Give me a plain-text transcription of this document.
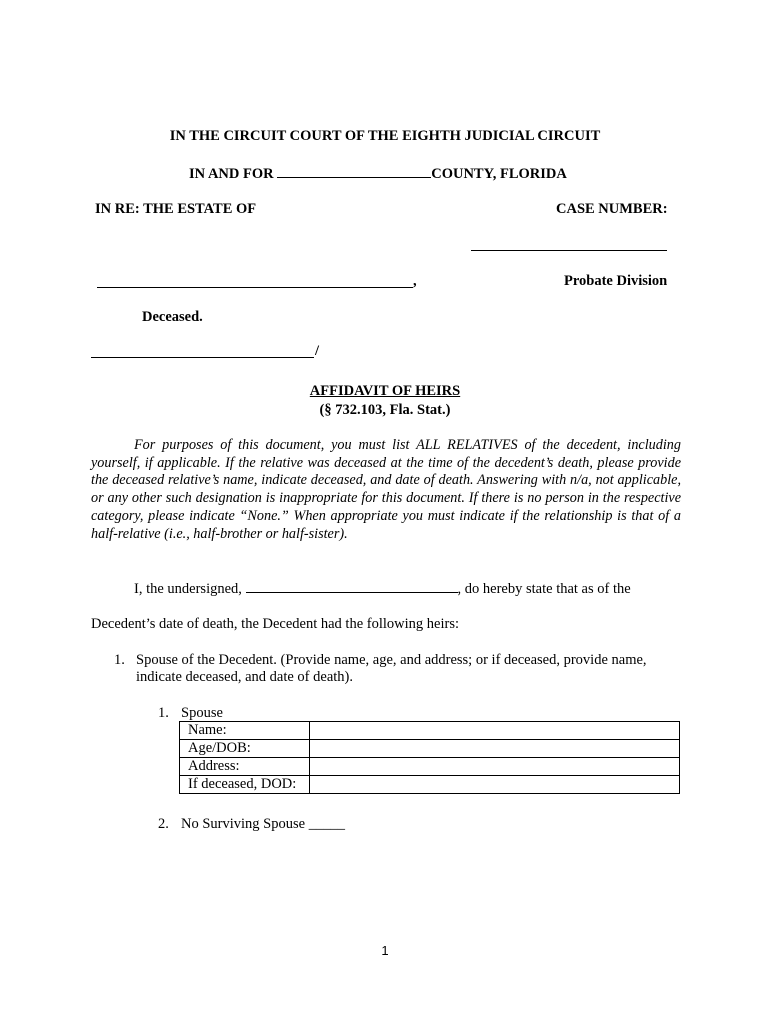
IN THE CIRCUIT COURT OF THE EIGHTH JUDICIAL CIRCUIT
IN AND FOR	COUNTY, FLORIDA
IN RE: THE ESTATE OF	CASE NUMBER:
,	Probate Division
Deceased.
/
AFFIDAVIT OF HEIRS
(§ 732.103, Fla. Stat.)
For purposes of this document, you must list ALL RELATIVES of the decedent, including yourself, if applicable. If the relative was deceased at the time of the decedent’s death, please provide the deceased relative’s name, indicate deceased, and date of death. Answering with n/a, not applicable, or any other such designation is inappropriate for this document. If there is no person in the respective category, please indicate “None.” When appropriate you must indicate if the relationship is that of a half-relative (i.e., half-brother or half-sister).
I, the undersigned,	, do hereby state that as of the
Decedent’s date of death, the Decedent had the following heirs:
1. Spouse of the Decedent. (Provide name, age, and address; or if deceased, provide name,
indicate deceased, and date of death).
1. Spouse
Name:	
Age/DOB:	
Address:	
If deceased, DOD:	
2. No Surviving Spouse _____
1
